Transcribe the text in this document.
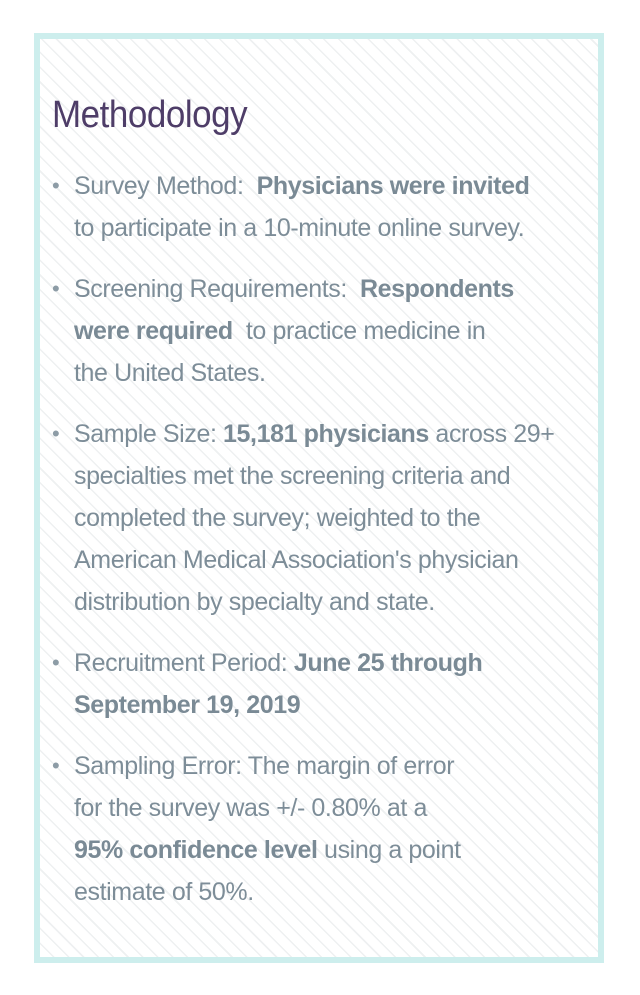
Methodology
• Survey Method:  Physicians were invited
to participate in a 10-minute online survey.
• Screening Requirements:  Respondents
were required  to practice medicine in
the United States.
• Sample Size: 15,181 physicians across 29+
specialties met the screening criteria and
completed the survey; weighted to the
American Medical Association's physician
distribution by specialty and state.
• Recruitment Period: June 25 through
September 19, 2019
• Sampling Error: The margin of error
for the survey was +/- 0.80% at a
95% confidence level using a point
estimate of 50%.
